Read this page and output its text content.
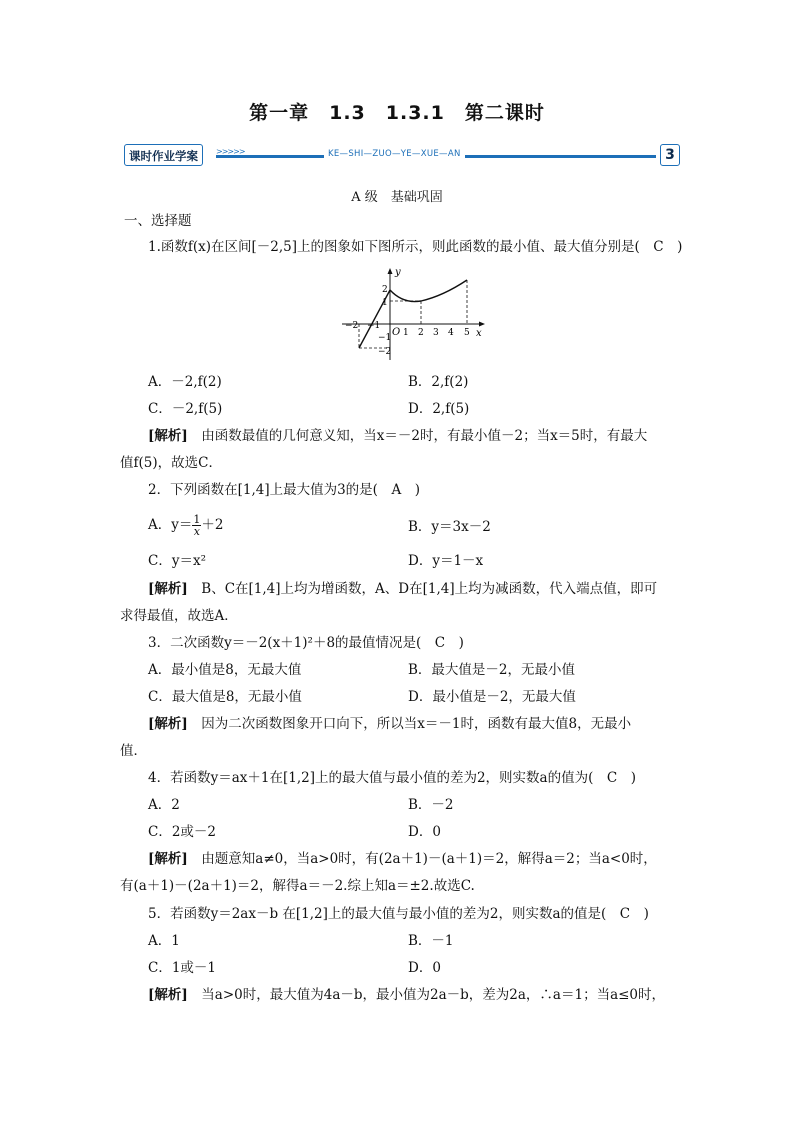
第一章　1.3　1.3.1　第二课时
课时作业学案	>>>>>	KE—SHI—ZUO—YE—XUE—AN	3
A 级　基础巩固
一、选择题
1.函数f(x)在区间[－2,5]上的图象如下图所示，则此函数的最小值、最大值分别是(　C　)
y
x
O
−2 −1
1 2 3 4 5
2
1
−1
−2
A．－2,f(2)	B．2,f(2)
C．－2,f(5)	D．2,f(5)
[解析]　 由函数最值的几何意义知，当x＝－2时，有最小值－2；当x＝5时，有最大
值f(5)，故选C．
2．下列函数在[1,4]上最大值为3的是(　A　)
A．$y= \frac{1}{x} +2$	B．y＝3x－2
C．y＝x²	D．y＝1－x
[解析]　 B、C在[1,4]上均为增函数，A、D在[1,4]上均为减函数，代入端点值，即可
求得最值，故选A．
3．二次函数y＝－2(x＋1)²＋8的最值情况是(　C　)
A．最小值是8，无最大值	B．最大值是－2，无最小值
C．最大值是8，无最小值	D．最小值是－2，无最大值
[解析]　 因为二次函数图象开口向下，所以当x＝－1时，函数有最大值8，无最小
值．
4．若函数y＝ax＋1在[1,2]上的最大值与最小值的差为2，则实数a的值为(　C　)
A．2	B．－2
C．2或－2	D．0
[解析]　 由题意知a≠0，当a>0时，有(2a＋1)－(a＋1)＝2，解得a＝2；当a<0时，
有(a＋1)－(2a＋1)＝2，解得a＝－2.综上知a＝±2.故选C.
5．若函数y＝2ax－b 在[1,2]上的最大值与最小值的差为2，则实数a的值是(　C　)
A．1	B．－1
C．1或－1	D．0
[解析]　 当a>0时，最大值为4a－b，最小值为2a－b，差为2a，∴a＝1；当a≤0时，
